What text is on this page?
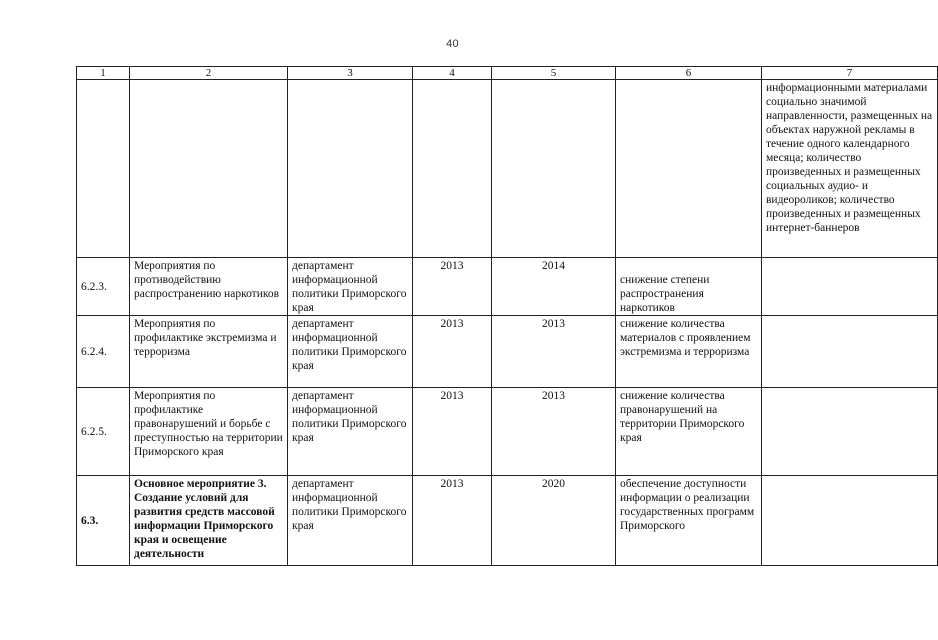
40
1	2	3	4	5	6	7
						информационными материалами социально значимой направленности, размещенных на объектах наружной рекламы в течение одного календарного месяца; количество произведенных и размещенных социальных аудио- и видеороликов; количество произведенных и размещенных интернет-баннеров
6.2.3.	Мероприятия по противодействию распространению наркотиков	департамент информационной политики Приморского края	2013	2014	снижение степени распространения наркотиков	
6.2.4.	Мероприятия по профилактике экстремизма и терроризма	департамент информационной политики Приморского края	2013	2013	снижение количества материалов с проявлением экстремизма и терроризма	
6.2.5.	Мероприятия по профилактике правонарушений и борьбе с преступностью на территории Приморского края	департамент информационной политики Приморского края	2013	2013	снижение количества правонарушений на территории Приморского края	
6.3.	Основное мероприятие 3. Создание условий для развития средств массовой информации Приморского края и освещение деятельности	департамент информационной политики Приморского края	2013	2020	обеспечение доступности информации о реализации государственных программ Приморского	
